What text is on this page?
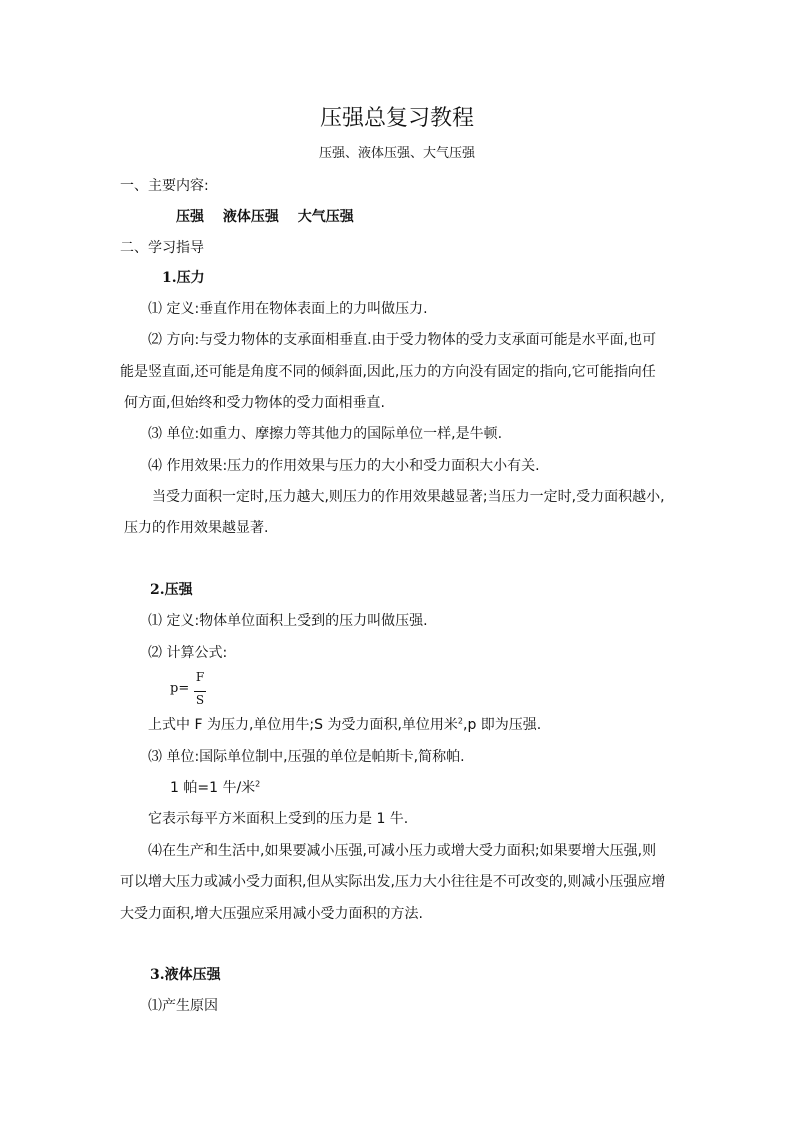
压强总复习教程
压强、液体压强、大气压强
一、主要内容:
压强 液体压强 大气压强
二、学习指导
1.压力
⑴ 定义:垂直作用在物体表面上的力叫做压力.
⑵ 方向:与受力物体的支承面相垂直.由于受力物体的受力支承面可能是水平面,也可
能是竖直面,还可能是角度不同的倾斜面,因此,压力的方向没有固定的指向,它可能指向任
何方面,但始终和受力物体的受力面相垂直.
⑶ 单位:如重力、摩擦力等其他力的国际单位一样,是牛顿.
⑷ 作用效果:压力的作用效果与压力的大小和受力面积大小有关.
当受力面积一定时,压力越大,则压力的作用效果越显著;当压力一定时,受力面积越小,
压力的作用效果越显著.
2.压强
⑴ 定义:物体单位面积上受到的压力叫做压强.
⑵ 计算公式:
p=
F
S
上式中 F 为压力,单位用牛;S 为受力面积,单位用米$^2$,p 即为压强.
⑶ 单位:国际单位制中,压强的单位是帕斯卡,简称帕.
1 帕=1 牛/米$^2$
它表示每平方米面积上受到的压力是 1 牛.
⑷在生产和生活中,如果要减小压强,可减小压力或增大受力面积;如果要增大压强,则
可以增大压力或减小受力面积,但从实际出发,压力大小往往是不可改变的,则减小压强应增
大受力面积,增大压强应采用减小受力面积的方法.
3.液体压强
⑴产生原因
